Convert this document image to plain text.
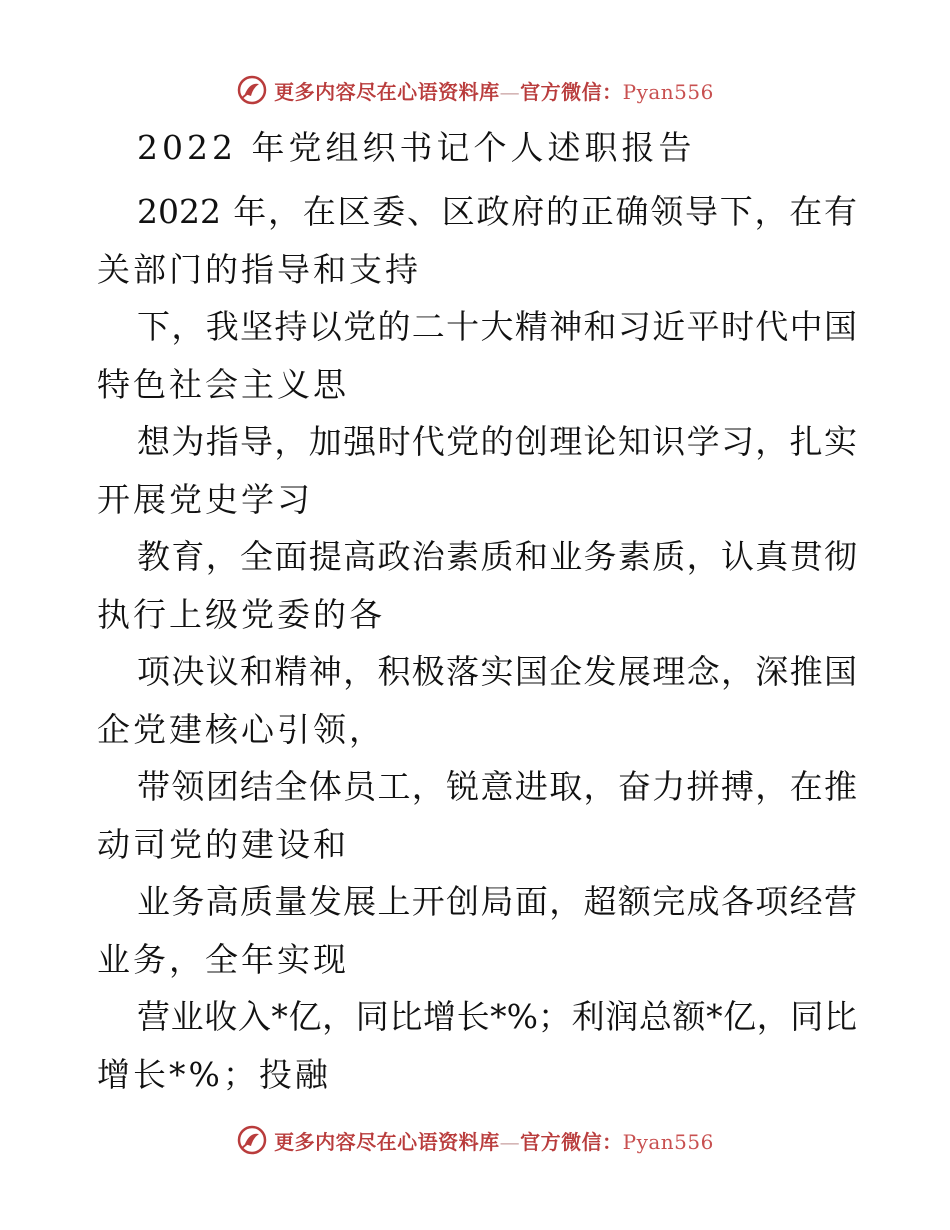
更多内容尽在心语资料库—官方微信：Pyan556
2022 年党组织书记个人述职报告
2022 年，在区委、区政府的正确领导下，在有
关部门的指导和支持
下，我坚持以党的二十大精神和习近平时代中国
特色社会主义思
想为指导，加强时代党的创理论知识学习，扎实
开展党史学习
教育，全面提高政治素质和业务素质，认真贯彻
执行上级党委的各
项决议和精神，积极落实国企发展理念，深推国
企党建核心引领，
带领团结全体员工，锐意进取，奋力拼搏，在推
动司党的建设和
业务高质量发展上开创局面，超额完成各项经营
业务，全年实现
营业收入*亿，同比增长*%；利润总额*亿，同比
增长*%；投融
更多内容尽在心语资料库—官方微信：Pyan556
